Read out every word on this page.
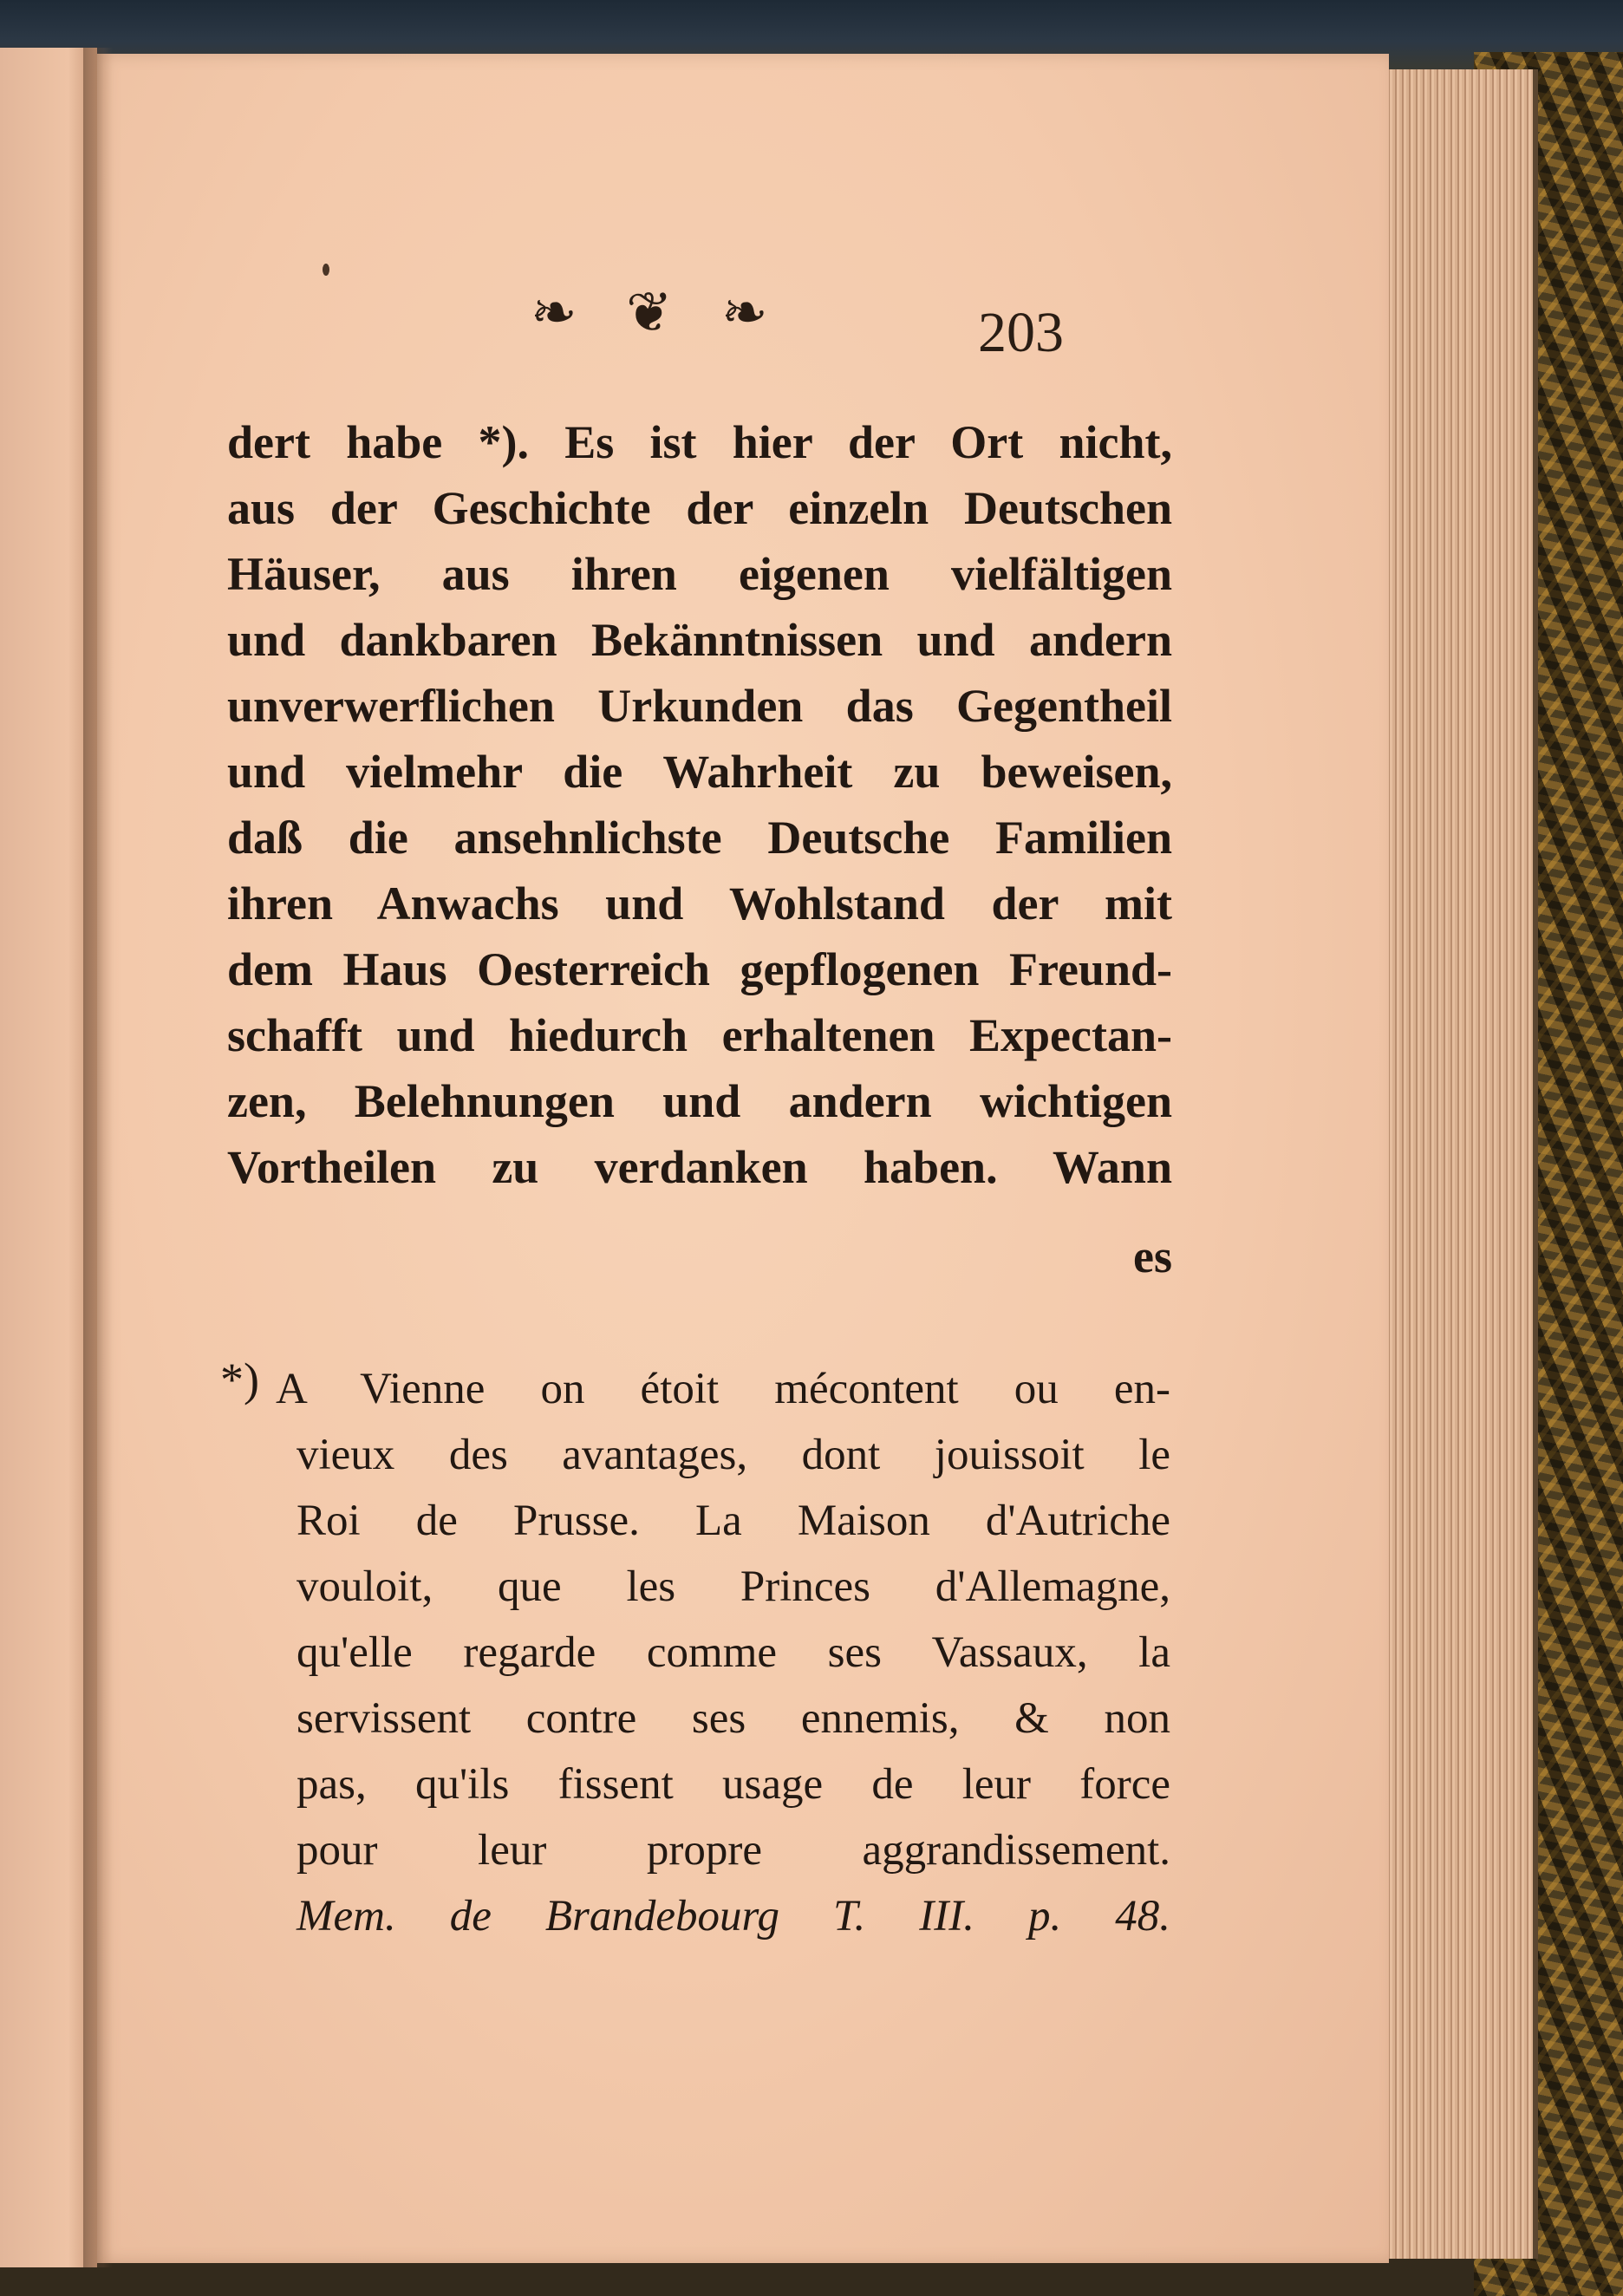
❧ ❦ ❧	203
dert habe *). Es ist hier der Ort nicht,
aus der Geschichte der einzeln Deutschen
Häuser, aus ihren eigenen vielfältigen
und dankbaren Bekänntnissen und andern
unverwerflichen Urkunden das Gegentheil
und vielmehr die Wahrheit zu beweisen,
daß die ansehnlichste Deutsche Familien
ihren Anwachs und Wohlstand der mit
dem Haus Oesterreich gepflogenen Freund-
schafft und hiedurch erhaltenen Expectan-
zen, Belehnungen und andern wichtigen
Vortheilen zu verdanken haben. Wann
es
*) A Vienne on étoit mécontent ou en-
vieux des avantages, dont jouissoit le
Roi de Prusse. La Maison d'Autriche
vouloit, que les Princes d'Allemagne,
qu'elle regarde comme ses Vassaux, la
servissent contre ses ennemis, & non
pas, qu'ils fissent usage de leur force
pour leur propre aggrandissement.
Mem. de Brandebourg T. III. p. 48.
